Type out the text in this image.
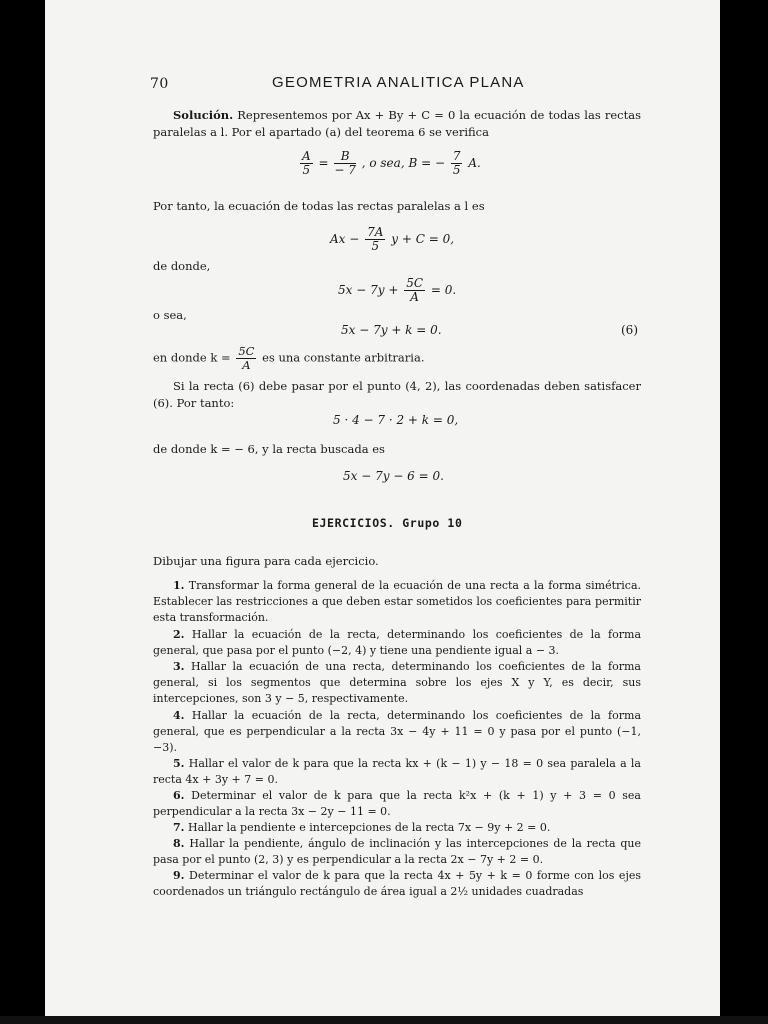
70	GEOMETRIA ANALITICA PLANA
Solución. Representemos por Ax + By + C = 0 la ecuación de todas las rectas paralelas a l. Por el apartado (a) del teorema 6 se verifica
$\frac{A}{5} = \frac{B}{- 7}$ , o sea, B = − $\frac{7}{5} A$.
Por tanto, la ecuación de todas las rectas paralelas a l es
$Ax - \frac{7A}{5}$ y + C = 0,
de donde,
$5x - 7y + \frac{5C}{A} = 0$.
o sea,
5x − 7y + k = 0.	(6)
en donde $k = \frac{5C}{A}$ es una constante arbitraria.
Si la recta (6) debe pasar por el punto (4, 2), las coordenadas deben satisfacer (6). Por tanto:
5 · 4 − 7 · 2 + k = 0,
de donde k = − 6, y la recta buscada es
5x − 7y − 6 = 0.
EJERCICIOS. Grupo 10
Dibujar una figura para cada ejercicio.
1. Transformar la forma general de la ecuación de una recta a la forma simétrica. Establecer las restricciones a que deben estar sometidos los coeficientes para permitir esta transformación.
2. Hallar la ecuación de la recta, determinando los coeficientes de la forma general, que pasa por el punto (−2, 4) y tiene una pendiente igual a − 3.
3. Hallar la ecuación de una recta, determinando los coeficientes de la forma general, si los segmentos que determina sobre los ejes X y Y, es decir, sus intercepciones, son 3 y − 5, respectivamente.
4. Hallar la ecuación de la recta, determinando los coeficientes de la forma general, que es perpendicular a la recta 3x − 4y + 11 = 0 y pasa por el punto (−1, −3).
5. Hallar el valor de k para que la recta kx + (k − 1) y − 18 = 0 sea paralela a la recta 4x + 3y + 7 = 0.
6. Determinar el valor de k para que la recta k²x + (k + 1) y + 3 = 0 sea perpendicular a la recta 3x − 2y − 11 = 0.
7. Hallar la pendiente e intercepciones de la recta 7x − 9y + 2 = 0.
8. Hallar la pendiente, ángulo de inclinación y las intercepciones de la recta que pasa por el punto (2, 3) y es perpendicular a la recta 2x − 7y + 2 = 0.
9. Determinar el valor de k para que la recta 4x + 5y + k = 0 forme con los ejes coordenados un triángulo rectángulo de área igual a 2½ unidades cuadradas
